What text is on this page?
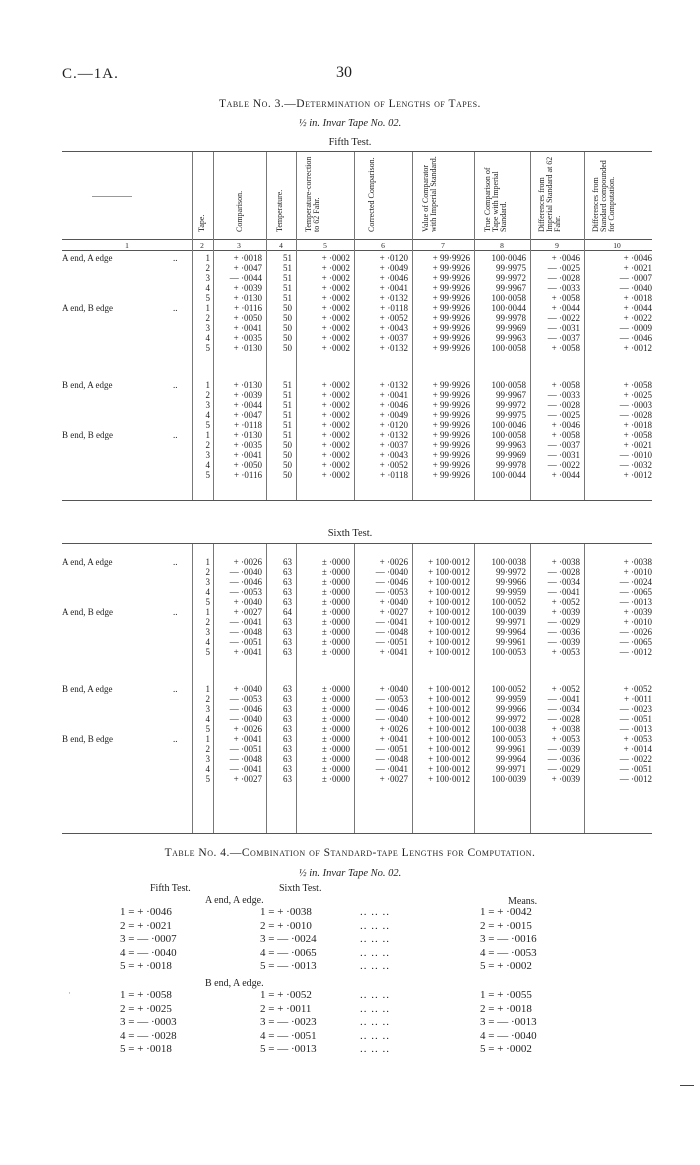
C.—1A.	30
Table No. 3.—Determination of Lengths of Tapes.
½ in. Invar Tape No. 02.
Fifth Test.
Sixth Test.
Tape.	Comparison.	Temperature.	Temperature-correction to 62 Fahr.	Corrected Comparison.	Value of Comparator with Imperial Standard.	True Comparison of Tape with Imperial Standard.	Differences from Imperial Standard at 62 Fahr.	Differences from Standard compounded for Computation.
1	2	3	4	5	6	7	8	9	10
A end, A edge	..	1	+ ·0018	51	+ ·0002	+ ·0120	+ 99·9926	100·0046	+ ·0046	+ ·0046
2	+ ·0047	51	+ ·0002	+ ·0049	+ 99·9926	99·9975	— ·0025	+ ·0021
3	— ·0044	51	+ ·0002	+ ·0046	+ 99·9926	99·9972	— ·0028	— ·0007
4	+ ·0039	51	+ ·0002	+ ·0041	+ 99·9926	99·9967	— ·0033	— ·0040
5	+ ·0130	51	+ ·0002	+ ·0132	+ 99·9926	100·0058	+ ·0058	+ ·0018
A end, B edge	..	1	+ ·0116	50	+ ·0002	+ ·0118	+ 99·9926	100·0044	+ ·0044	+ ·0044
2	+ ·0050	50	+ ·0002	+ ·0052	+ 99·9926	99·9978	— ·0022	+ ·0022
3	+ ·0041	50	+ ·0002	+ ·0043	+ 99·9926	99·9969	— ·0031	— ·0009
4	+ ·0035	50	+ ·0002	+ ·0037	+ 99·9926	99·9963	— ·0037	— ·0046
5	+ ·0130	50	+ ·0002	+ ·0132	+ 99·9926	100·0058	+ ·0058	+ ·0012
B end, A edge	..	1	+ ·0130	51	+ ·0002	+ ·0132	+ 99·9926	100·0058	+ ·0058	+ ·0058
2	+ ·0039	51	+ ·0002	+ ·0041	+ 99·9926	99·9967	— ·0033	+ ·0025
3	+ ·0044	51	+ ·0002	+ ·0046	+ 99·9926	99·9972	— ·0028	— ·0003
4	+ ·0047	51	+ ·0002	+ ·0049	+ 99·9926	99·9975	— ·0025	— ·0028
5	+ ·0118	51	+ ·0002	+ ·0120	+ 99·9926	100·0046	+ ·0046	+ ·0018
B end, B edge	..	1	+ ·0130	51	+ ·0002	+ ·0132	+ 99·9926	100·0058	+ ·0058	+ ·0058
2	+ ·0035	50	+ ·0002	+ ·0037	+ 99·9926	99·9963	— ·0037	+ ·0021
3	+ ·0041	50	+ ·0002	+ ·0043	+ 99·9926	99·9969	— ·0031	— ·0010
4	+ ·0050	50	+ ·0002	+ ·0052	+ 99·9926	99·9978	— ·0022	— ·0032
5	+ ·0116	50	+ ·0002	+ ·0118	+ 99·9926	100·0044	+ ·0044	+ ·0012
A end, A edge	..	1	+ ·0026	63	± ·0000	+ ·0026	+ 100·0012	100·0038	+ ·0038	+ ·0038
2	— ·0040	63	± ·0000	— ·0040	+ 100·0012	99·9972	— ·0028	+ ·0010
3	— ·0046	63	± ·0000	— ·0046	+ 100·0012	99·9966	— ·0034	— ·0024
4	— ·0053	63	± ·0000	— ·0053	+ 100·0012	99·9959	— ·0041	— ·0065
5	+ ·0040	63	± ·0000	+ ·0040	+ 100·0012	100·0052	+ ·0052	— ·0013
A end, B edge	..	1	+ ·0027	64	± ·0000	+ ·0027	+ 100·0012	100·0039	+ ·0039	+ ·0039
2	— ·0041	63	± ·0000	— ·0041	+ 100·0012	99·9971	— ·0029	+ ·0010
3	— ·0048	63	± ·0000	— ·0048	+ 100·0012	99·9964	— ·0036	— ·0026
4	— ·0051	63	± ·0000	— ·0051	+ 100·0012	99·9961	— ·0039	— ·0065
5	+ ·0041	63	± ·0000	+ ·0041	+ 100·0012	100·0053	+ ·0053	— ·0012
B end, A edge	..	1	+ ·0040	63	± ·0000	+ ·0040	+ 100·0012	100·0052	+ ·0052	+ ·0052
2	— ·0053	63	± ·0000	— ·0053	+ 100·0012	99·9959	— ·0041	+ ·0011
3	— ·0046	63	± ·0000	— ·0046	+ 100·0012	99·9966	— ·0034	— ·0023
4	— ·0040	63	± ·0000	— ·0040	+ 100·0012	99·9972	— ·0028	— ·0051
5	+ ·0026	63	± ·0000	+ ·0026	+ 100·0012	100·0038	+ ·0038	— ·0013
B end, B edge	..	1	+ ·0041	63	± ·0000	+ ·0041	+ 100·0012	100·0053	+ ·0053	+ ·0053
2	— ·0051	63	± ·0000	— ·0051	+ 100·0012	99·9961	— ·0039	+ ·0014
3	— ·0048	63	± ·0000	— ·0048	+ 100·0012	99·9964	— ·0036	— ·0022
4	— ·0041	63	± ·0000	— ·0041	+ 100·0012	99·9971	— ·0029	— ·0051
5	+ ·0027	63	± ·0000	+ ·0027	+ 100·0012	100·0039	+ ·0039	— ·0012
Table No. 4.—Combination of Standard-tape Lengths for Computation.
½ in. Invar Tape No. 02.
Fifth Test.	Sixth Test.
Means.
A end, A edge.
B end, A edge.
1 = + ·0046	1 = + ·0038	.. .. ..	1 = + ·0042
2 = + ·0021	2 = + ·0010	.. .. ..	2 = + ·0015
3 = — ·0007	3 = — ·0024	.. .. ..	3 = — ·0016
4 = — ·0040	4 = — ·0065	.. .. ..	4 = — ·0053
5 = + ·0018	5 = — ·0013	.. .. ..	5 = + ·0002
1 = + ·0058	1 = + ·0052	.. .. ..	1 = + ·0055
2 = + ·0025	2 = + ·0011	.. .. ..	2 = + ·0018
3 = — ·0003	3 = — ·0023	.. .. ..	3 = — ·0013
4 = — ·0028	4 = — ·0051	.. .. ..	4 = — ·0040
5 = + ·0018	5 = — ·0013	.. .. ..	5 = + ·0002
·
